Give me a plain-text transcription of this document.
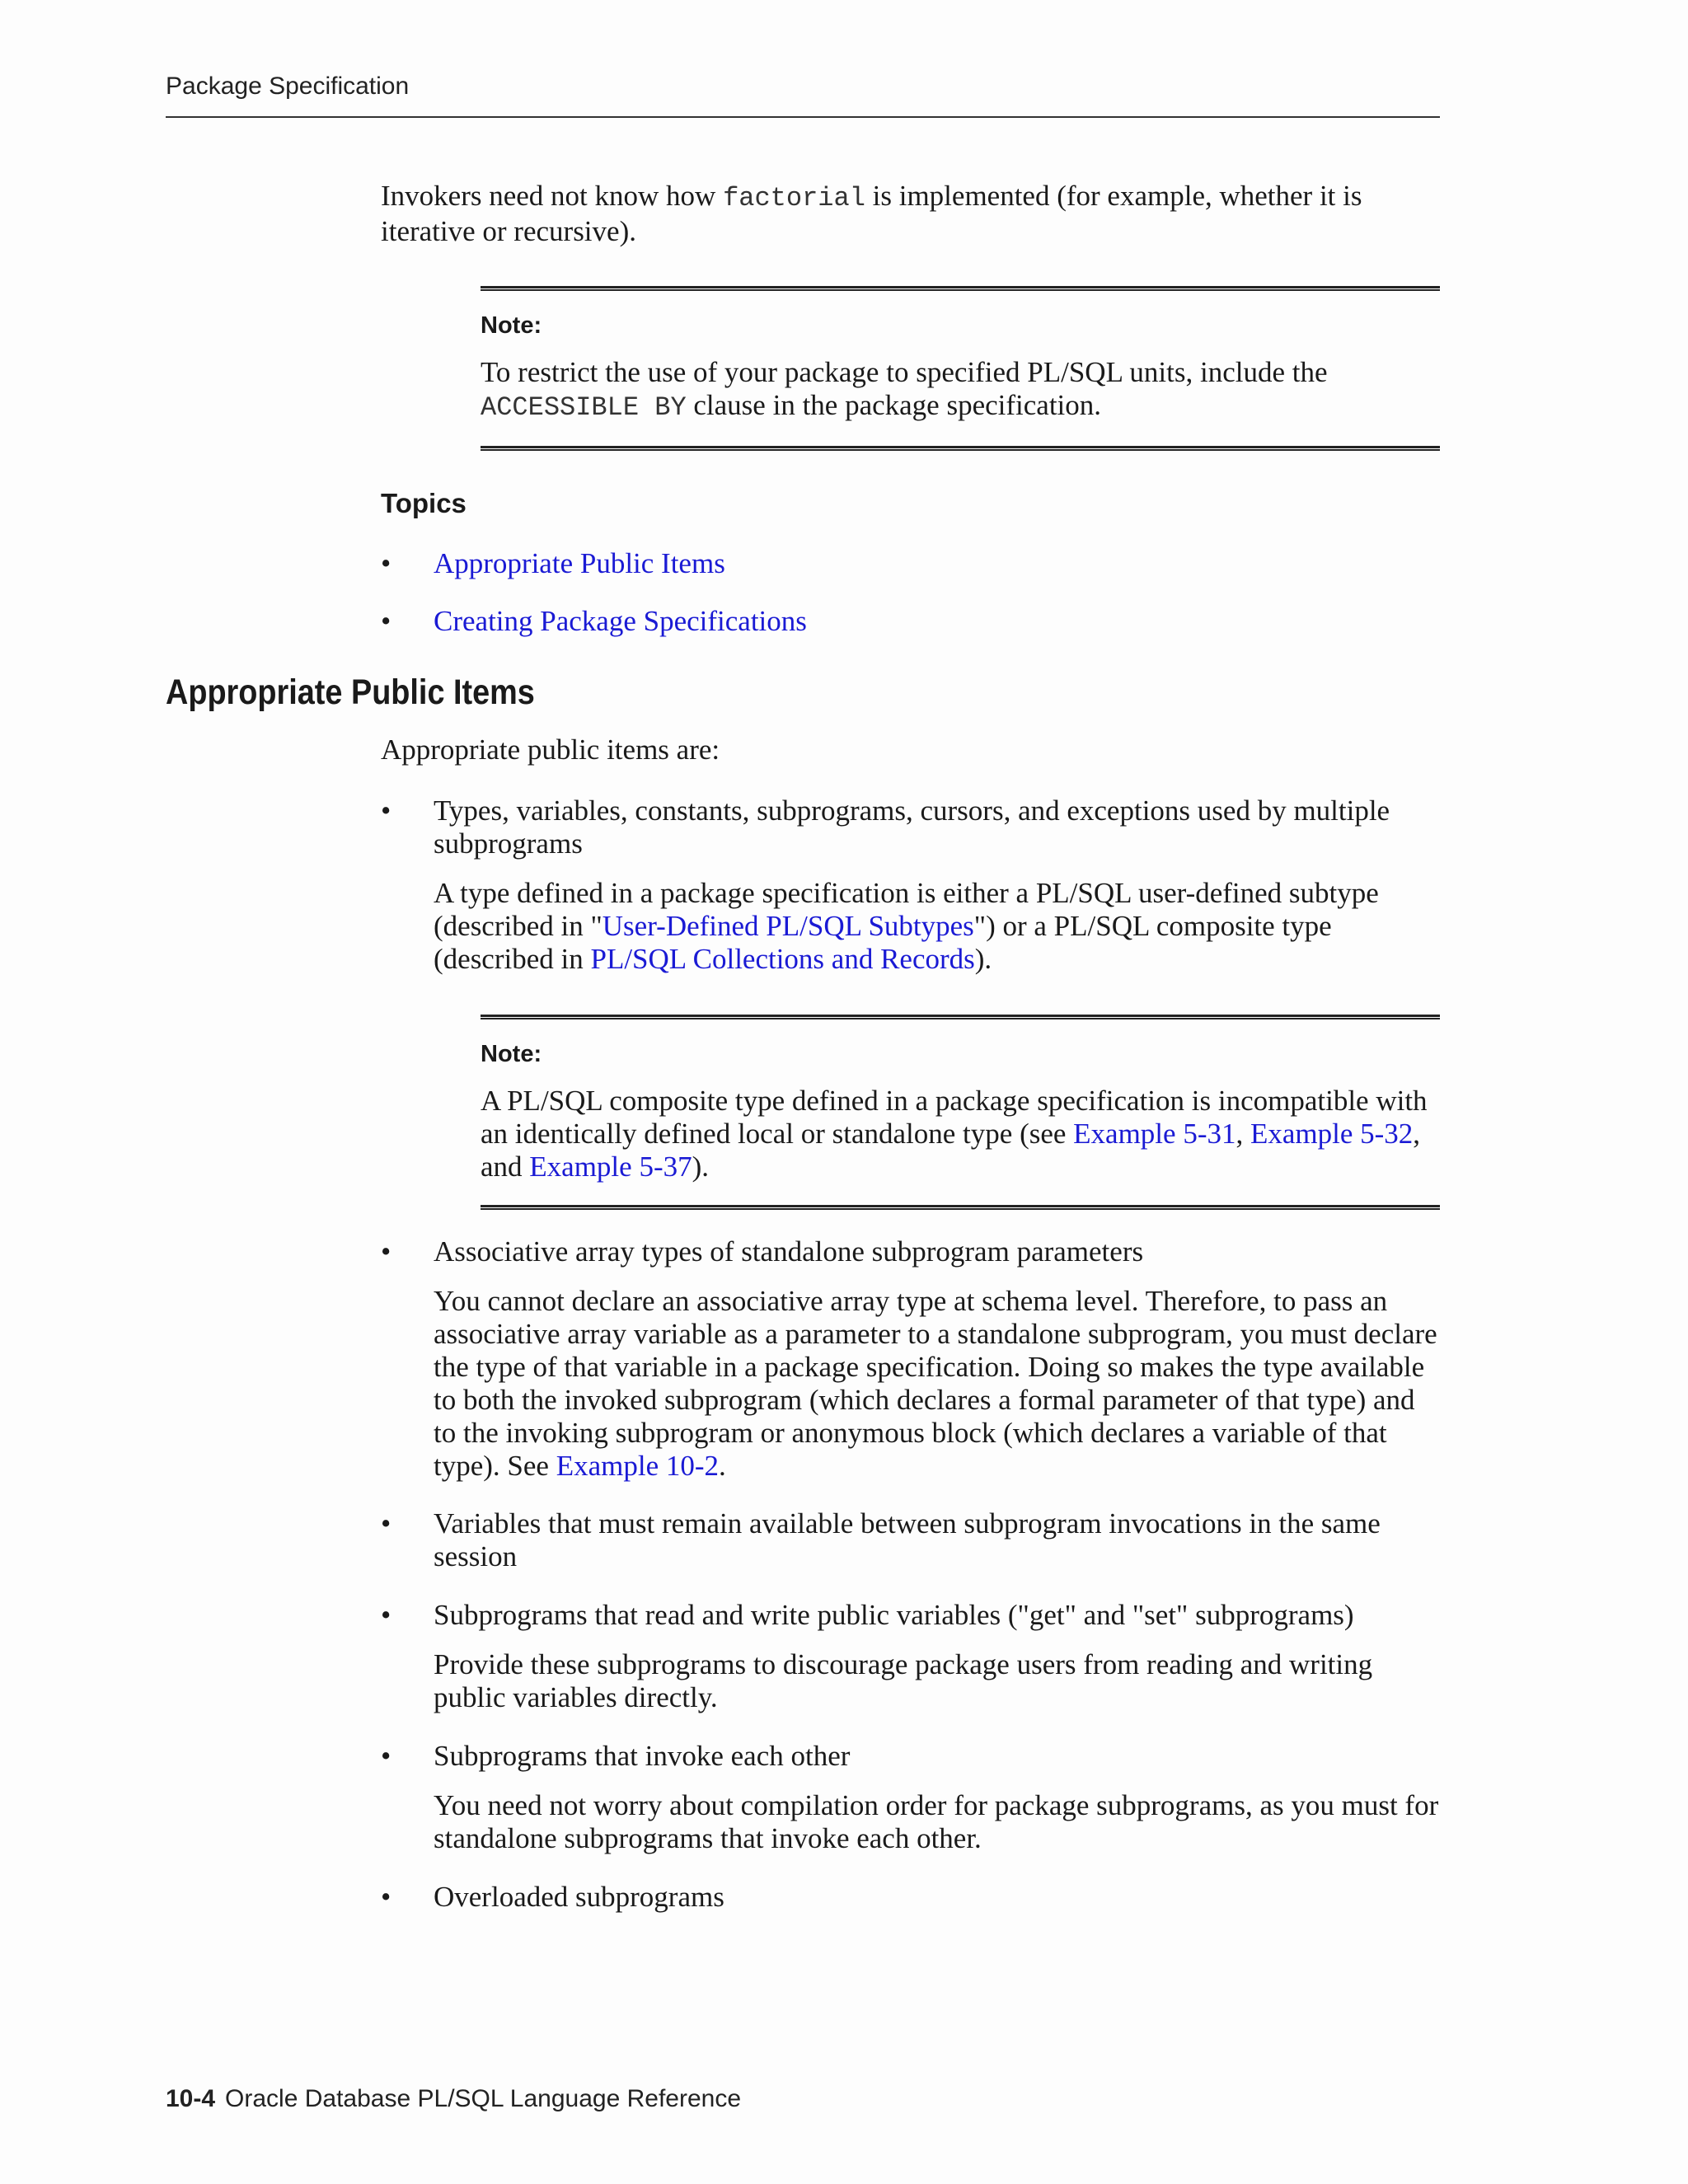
Package Specification

Invokers need not know how factorial is implemented (for example, whether it is iterative or recursive).

Note:

To restrict the use of your package to specified PL/SQL units, include the ACCESSIBLE BY clause in the package specification.

Topics
•	Appropriate Public Items
•	Creating Package Specifications
Appropriate Public Items

Appropriate public items are:

•	Types, variables, constants, subprograms, cursors, and exceptions used by multiple subprograms

A type defined in a package specification is either a PL/SQL user-defined subtype (described in "User-Defined PL/SQL Subtypes") or a PL/SQL composite type (described in PL/SQL Collections and Records).

Note:

A PL/SQL composite type defined in a package specification is incompatible with an identically defined local or standalone type (see Example 5-31, Example 5-32, and Example 5-37).

•	Associative array types of standalone subprogram parameters

You cannot declare an associative array type at schema level. Therefore, to pass an associative array variable as a parameter to a standalone subprogram, you must declare the type of that variable in a package specification. Doing so makes the type available to both the invoked subprogram (which declares a formal parameter of that type) and to the invoking subprogram or anonymous block (which declares a variable of that type). See Example 10-2.

•	Variables that must remain available between subprogram invocations in the same session
•	Subprograms that read and write public variables ("get" and "set" subprograms)

Provide these subprograms to discourage package users from reading and writing public variables directly.

•	Subprograms that invoke each other

You need not worry about compilation order for package subprograms, as you must for standalone subprograms that invoke each other.

•	Overloaded subprograms
10-4 Oracle Database PL/SQL Language Reference
